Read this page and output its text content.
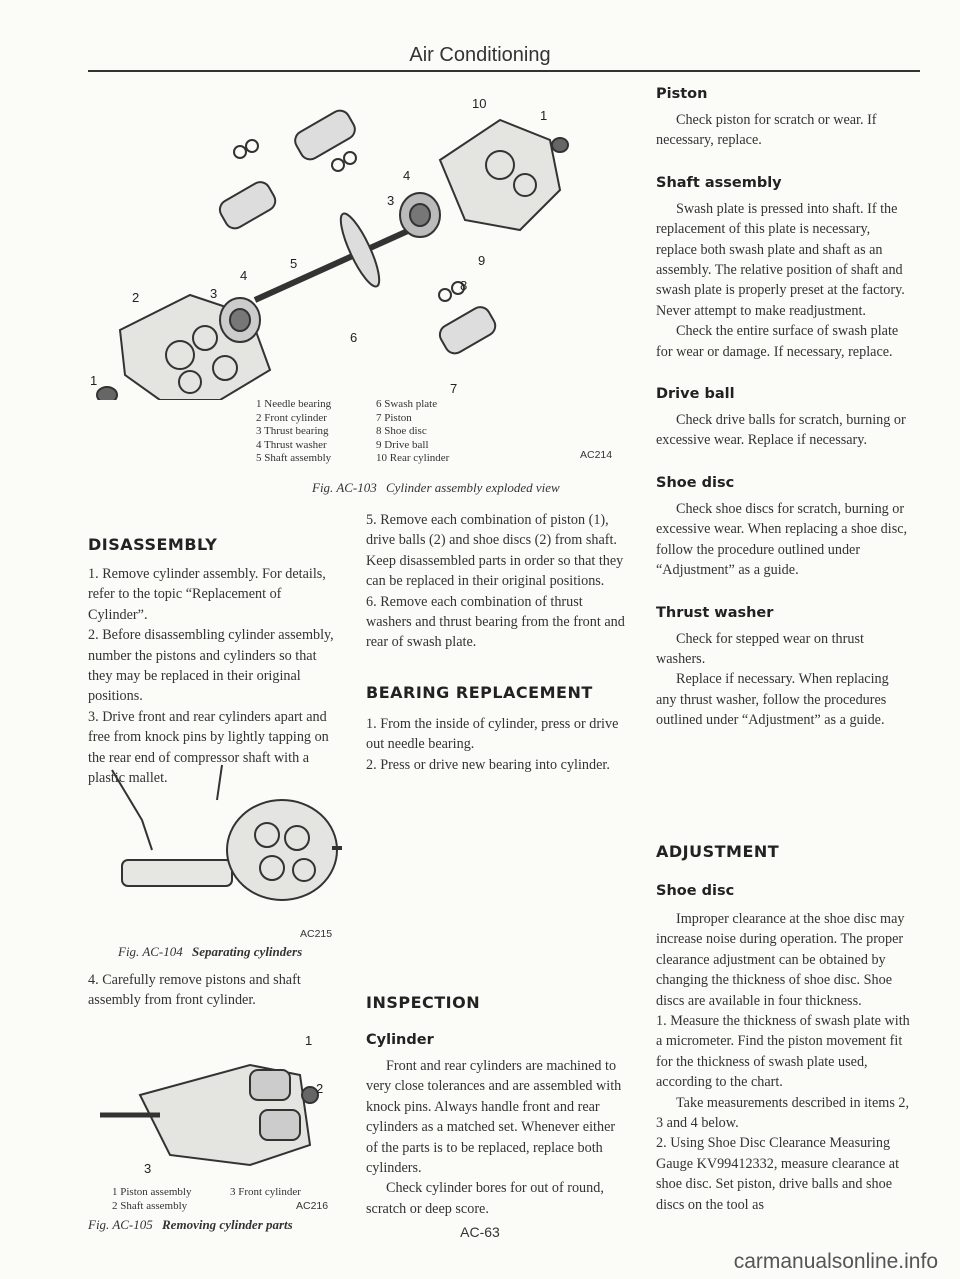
Air Conditioning
2
1
3
4
5
6
7
8
9
10
1
3
4
1 Needle bearing
2 Front cylinder
3 Thrust bearing
4 Thrust washer
5 Shaft assembly
6 Swash plate
7 Piston
8 Shoe disc
9 Drive ball
10 Rear cylinder	AC214
Fig. AC-103 Cylinder assembly exploded view
DISASSEMBLY

1. Remove cylinder assembly. For details, refer to the topic “Replacement of Cylinder”.

2. Before disassembling cylinder assembly, number the pistons and cylinders so that they may be replaced in their original positions.

3. Drive front and rear cylinders apart and free from knock pins by lightly tapping on the rear end of compressor shaft with a plastic mallet.

AC215
Fig. AC-104 Separating cylinders

4. Carefully remove pistons and shaft assembly from front cylinder.

1
2
3
1 Piston assembly	3 Front cylinder
2 Shaft assembly	AC216
Fig. AC-105 Removing cylinder parts

5. Remove each combination of piston (1), drive balls (2) and shoe discs (2) from shaft. Keep disassembled parts in order so that they can be replaced in their original positions.

6. Remove each combination of thrust washers and thrust bearing from the front and rear of swash plate.

BEARING REPLACEMENT

1. From the inside of cylinder, press or drive out needle bearing.

2. Press or drive new bearing into cylinder.

INSPECTION
Cylinder

Front and rear cylinders are machined to very close tolerances and are assembled with knock pins. Always handle front and rear cylinders as a matched set. Whenever either of the parts is to be replaced, replace both cylinders.

Check cylinder bores for out of round, scratch or deep score.

Piston

Check piston for scratch or wear. If necessary, replace.

Shaft assembly

Swash plate is pressed into shaft. If the replacement of this plate is necessary, replace both swash plate and shaft as an assembly. The relative position of shaft and swash plate is properly preset at the factory. Never attempt to make readjustment.

Check the entire surface of swash plate for wear or damage. If necessary, replace.

Drive ball

Check drive balls for scratch, burning or excessive wear. Replace if necessary.

Shoe disc

Check shoe discs for scratch, burning or excessive wear. When replacing a shoe disc, follow the procedure outlined under “Adjustment” as a guide.

Thrust washer

Check for stepped wear on thrust washers.

Replace if necessary. When replacing any thrust washer, follow the procedures outlined under “Adjustment” as a guide.

ADJUSTMENT
Shoe disc

Improper clearance at the shoe disc may increase noise during operation. The proper clearance adjustment can be obtained by changing the thickness of shoe disc. Shoe discs are available in four thickness.

1. Measure the thickness of swash plate with a micrometer. Find the piston movement fit for the thickness of swash plate used, according to the chart.

Take measurements described in items 2, 3 and 4 below.

2. Using Shoe Disc Clearance Measuring Gauge KV99412332, measure clearance at shoe disc. Set piston, drive balls and shoe discs on the tool as

AC-63
carmanualsonline.info
